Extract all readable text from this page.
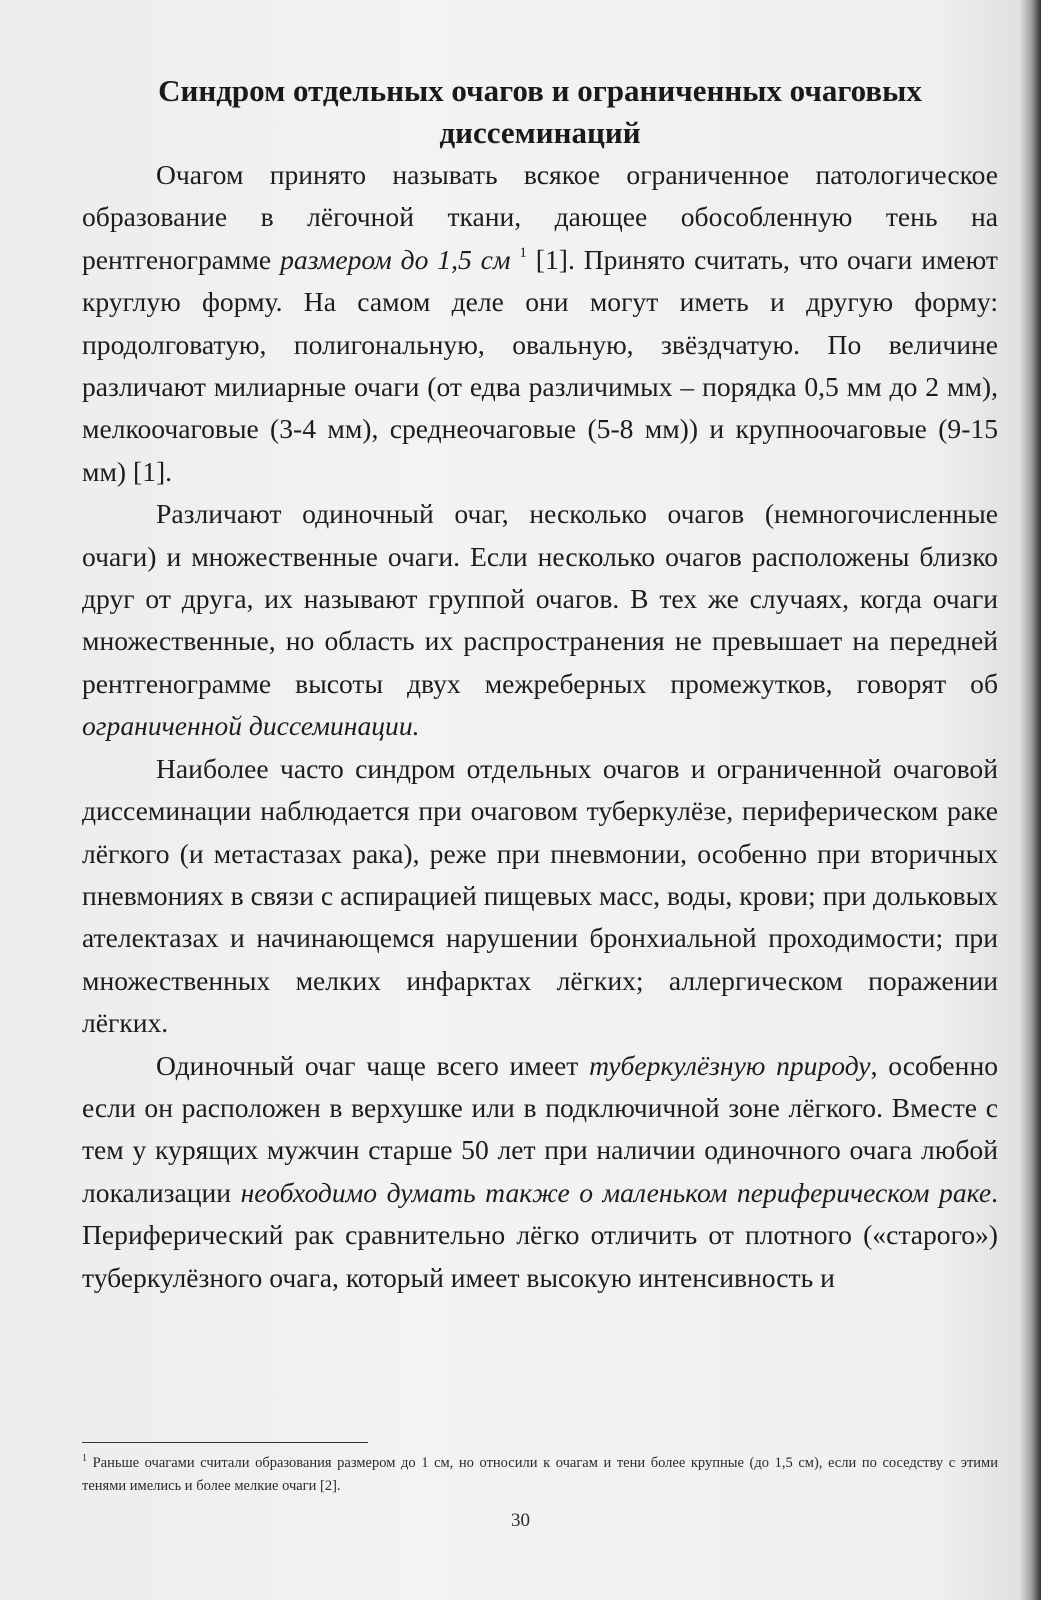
Синдром отдельных очагов и ограниченных очаговых диссеминаций

Очагом принято называть всякое ограниченное патологическое образование в лёгочной ткани, дающее обособленную тень на рентгенограмме размером до 1,5 см $^1$ [1]. Принято считать, что очаги имеют круглую форму. На самом деле они могут иметь и другую форму: продолговатую, полигональную, овальную, звёздчатую. По величине различают милиарные очаги (от едва различимых – порядка 0,5 мм до 2 мм), мелкоочаговые (3-4 мм), среднеочаговые (5-8 мм)) и крупноочаговые (9-15 мм) [1].

Различают одиночный очаг, несколько очагов (немногочисленные очаги) и множественные очаги. Если несколько очагов расположены близко друг от друга, их называют группой очагов. В тех же случаях, когда очаги множественные, но область их распространения не превышает на передней рентгенограмме высоты двух межреберных промежутков, говорят об ограниченной диссеминации.

Наиболее часто синдром отдельных очагов и ограниченной очаговой диссеминации наблюдается при очаговом туберкулёзе, периферическом раке лёгкого (и метастазах рака), реже при пневмонии, особенно при вторичных пневмониях в связи с аспирацией пищевых масс, воды, крови; при дольковых ателектазах и начинающемся нарушении бронхиальной проходимости; при множественных мелких инфарктах лёгких; аллергическом поражении лёгких.

Одиночный очаг чаще всего имеет туберкулёзную природу, особенно если он расположен в верхушке или в подключичной зоне лёгкого. Вместе с тем у курящих мужчин старше 50 лет при наличии одиночного очага любой локализации необходимо думать также о маленьком периферическом раке. Периферический рак сравнительно лёгко отличить от плотного («старого») туберкулёзного очага, который имеет высокую интенсивность и

$^1$ Раньше очагами считали образования размером до 1 см, но относили к очагам и тени более крупные (до 1,5 см), если по соседству с этими тенями имелись и более мелкие очаги [2].
30
